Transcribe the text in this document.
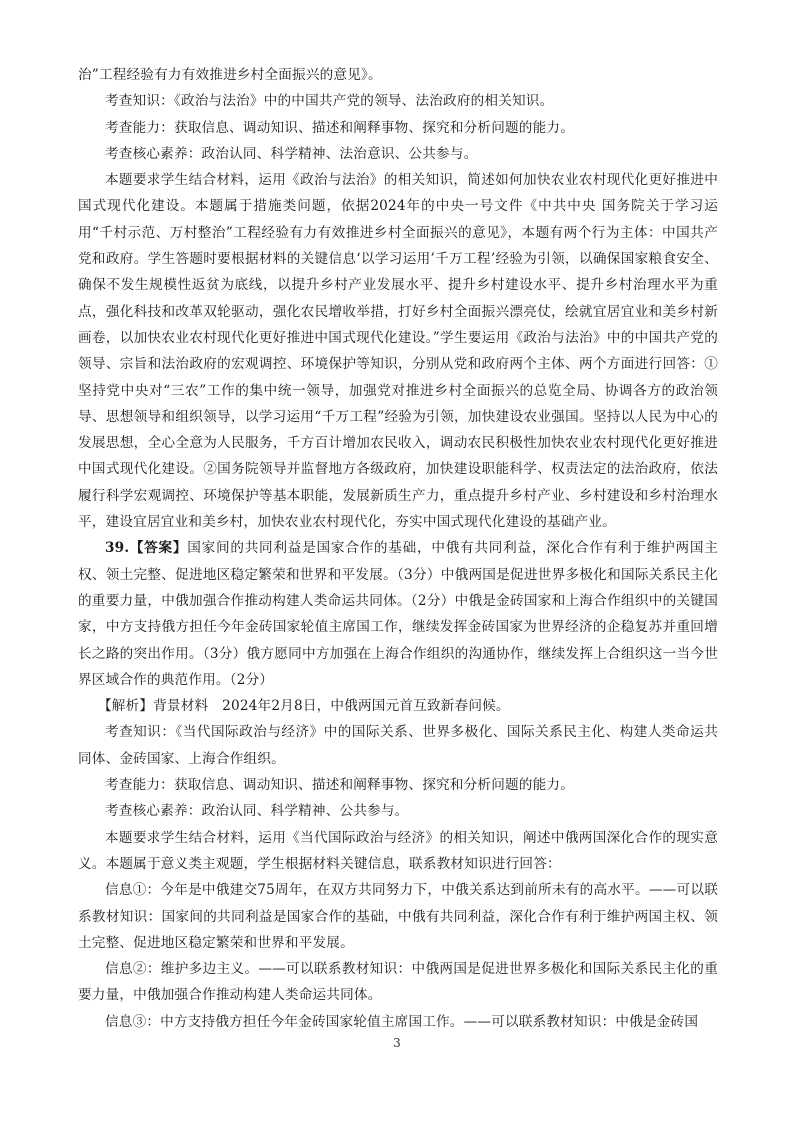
治”工程经验有力有效推进乡村全面振兴的意见》。

考查知识：《政治与法治》中的中国共产党的领导、法治政府的相关知识。

考查能力：获取信息、调动知识、描述和阐释事物、探究和分析问题的能力。

考查核心素养：政治认同、科学精神、法治意识、公共参与。

本题要求学生结合材料，运用《政治与法治》的相关知识，简述如何加快农业农村现代化更好推进中国式现代化建设。本题属于措施类问题，依据2024年的中央一号文件《中共中央 国务院关于学习运用“千村示范、万村整治”工程经验有力有效推进乡村全面振兴的意见》，本题有两个行为主体：中国共产党和政府。学生答题时要根据材料的关键信息‘以学习运用’千万工程’经验为引领，以确保国家粮食安全、确保不发生规模性返贫为底线，以提升乡村产业发展水平、提升乡村建设水平、提升乡村治理水平为重点，强化科技和改革双轮驱动，强化农民增收举措，打好乡村全面振兴漂亮仗，绘就宜居宜业和美乡村新画卷，以加快农业农村现代化更好推进中国式现代化建设。”学生要运用《政治与法治》中的中国共产党的领导、宗旨和法治政府的宏观调控、环境保护等知识，分别从党和政府两个主体、两个方面进行回答：①坚持党中央对“三农”工作的集中统一领导，加强党对推进乡村全面振兴的总览全局、协调各方的政治领导、思想领导和组织领导，以学习运用“千万工程”经验为引领，加快建设农业强国。坚持以人民为中心的发展思想，全心全意为人民服务，千方百计增加农民收入，调动农民积极性加快农业农村现代化更好推进中国式现代化建设。②国务院领导并监督地方各级政府，加快建设职能科学、权责法定的法治政府，依法履行科学宏观调控、环境保护等基本职能，发展新质生产力，重点提升乡村产业、乡村建设和乡村治理水平，建设宜居宜业和美乡村，加快农业农村现代化，夯实中国式现代化建设的基础产业。

39.【答案】国家间的共同利益是国家合作的基础，中俄有共同利益，深化合作有利于维护两国主权、领土完整、促进地区稳定繁荣和世界和平发展。（3分）中俄两国是促进世界多极化和国际关系民主化的重要力量，中俄加强合作推动构建人类命运共同体。（2分）中俄是金砖国家和上海合作组织中的关键国家，中方支持俄方担任今年金砖国家轮值主席国工作，继续发挥金砖国家为世界经济的企稳复苏并重回增长之路的突出作用。（3分）俄方愿同中方加强在上海合作组织的沟通协作，继续发挥上合组织这一当今世界区域合作的典范作用。（2分）

【解析】背景材料　2024年2月8日，中俄两国元首互致新春问候。

考查知识：《当代国际政治与经济》中的国际关系、世界多极化、国际关系民主化、构建人类命运共同体、金砖国家、上海合作组织。

考查能力：获取信息、调动知识、描述和阐释事物、探究和分析问题的能力。

考查核心素养：政治认同、科学精神、公共参与。

本题要求学生结合材料，运用《当代国际政治与经济》的相关知识，阐述中俄两国深化合作的现实意义。本题属于意义类主观题，学生根据材料关键信息，联系教材知识进行回答：

信息①：今年是中俄建交75周年，在双方共同努力下，中俄关系达到前所未有的高水平。——可以联系教材知识：国家间的共同利益是国家合作的基础，中俄有共同利益，深化合作有利于维护两国主权、领土完整、促进地区稳定繁荣和世界和平发展。

信息②：维护多边主义。——可以联系教材知识：中俄两国是促进世界多极化和国际关系民主化的重要力量，中俄加强合作推动构建人类命运共同体。

信息③：中方支持俄方担任今年金砖国家轮值主席国工作。——可以联系教材知识：中俄是金砖国

3
